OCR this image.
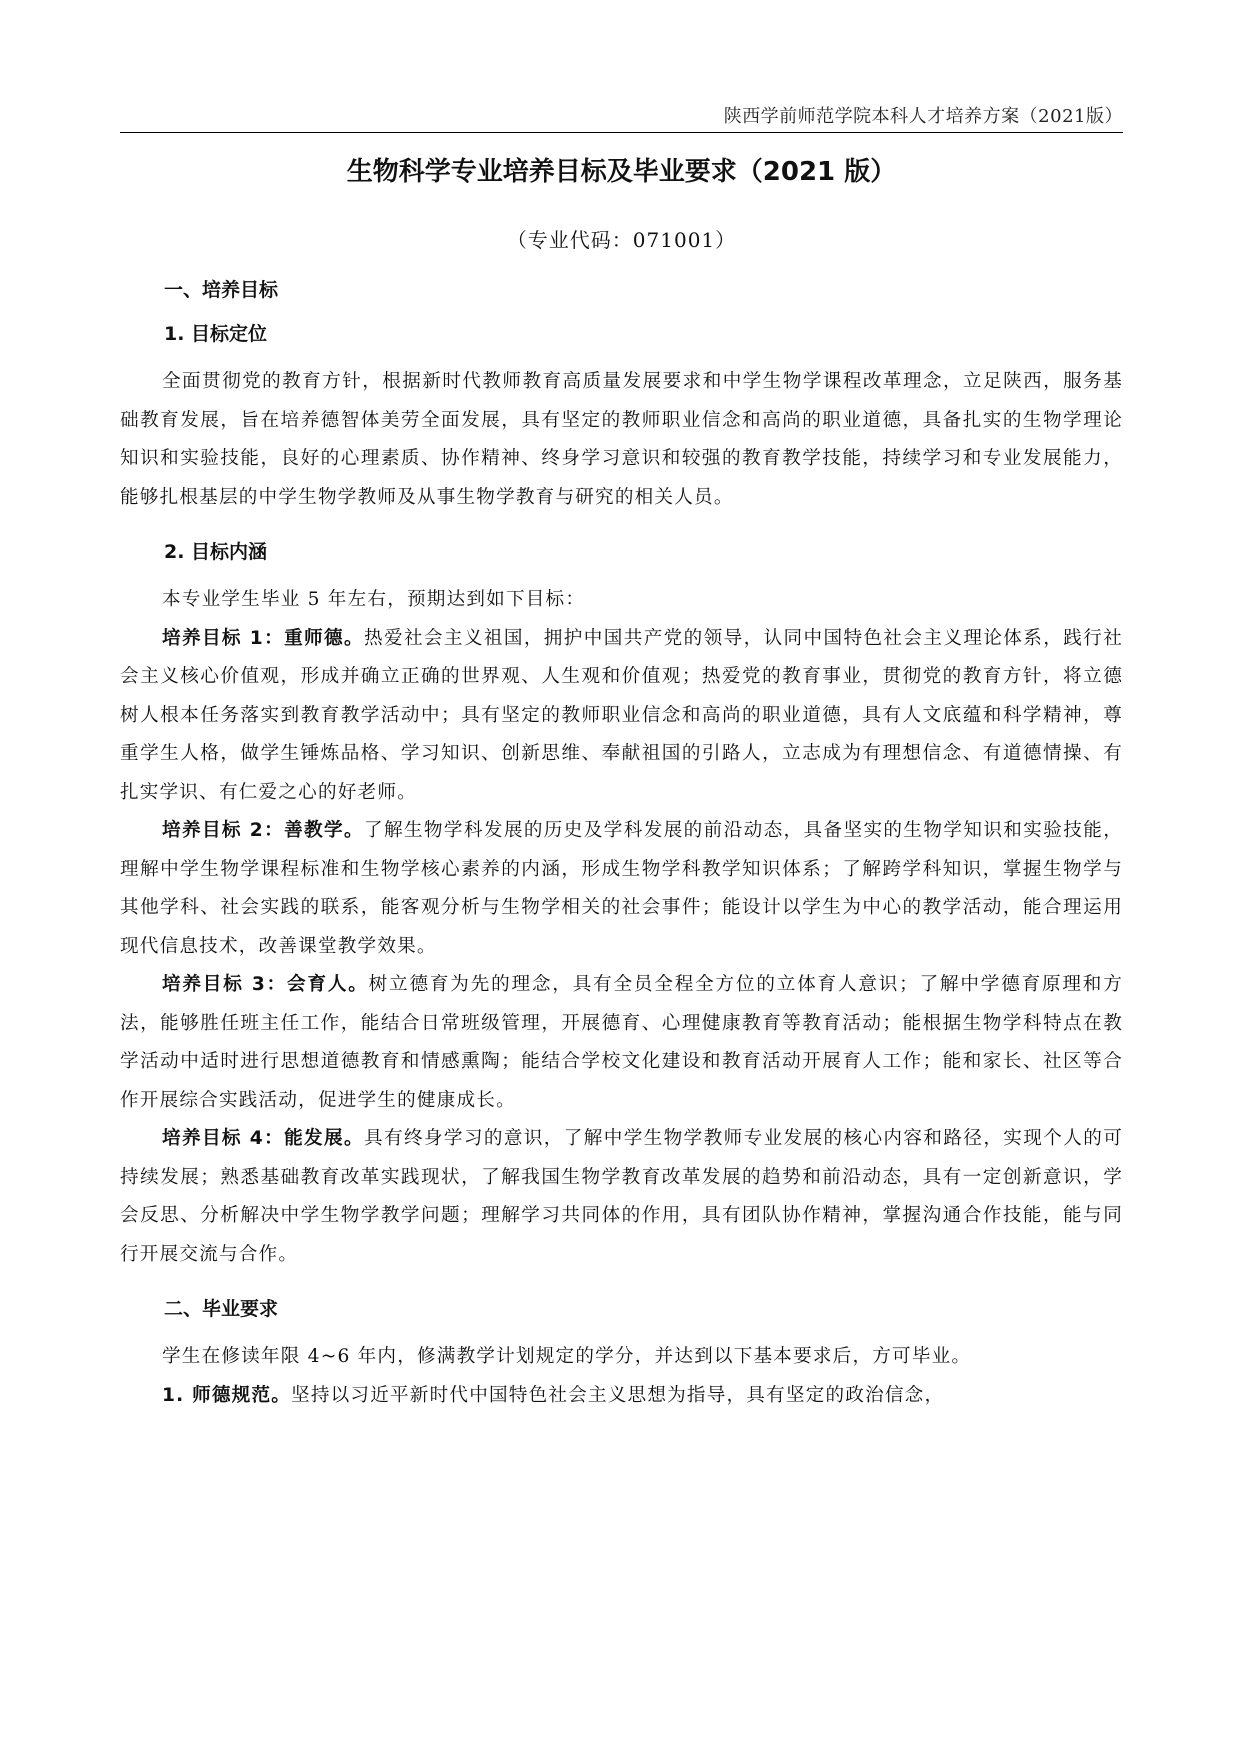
陕西学前师范学院本科人才培养方案（2021版）
生物科学专业培养目标及毕业要求（2021 版）
（专业代码：071001）
一、培养目标
1. 目标定位

全面贯彻党的教育方针，根据新时代教师教育高质量发展要求和中学生物学课程改革理念，立足陕西，服务基础教育发展，旨在培养德智体美劳全面发展，具有坚定的教师职业信念和高尚的职业道德，具备扎实的生物学理论知识和实验技能，良好的心理素质、协作精神、终身学习意识和较强的教育教学技能，持续学习和专业发展能力，能够扎根基层的中学生物学教师及从事生物学教育与研究的相关人员。

2. 目标内涵

本专业学生毕业 5 年左右，预期达到如下目标：

培养目标 1：重师德。热爱社会主义祖国，拥护中国共产党的领导，认同中国特色社会主义理论体系，践行社会主义核心价值观，形成并确立正确的世界观、人生观和价值观；热爱党的教育事业，贯彻党的教育方针，将立德树人根本任务落实到教育教学活动中；具有坚定的教师职业信念和高尚的职业道德，具有人文底蕴和科学精神，尊重学生人格，做学生锤炼品格、学习知识、创新思维、奉献祖国的引路人，立志成为有理想信念、有道德情操、有扎实学识、有仁爱之心的好老师。

培养目标 2：善教学。了解生物学科发展的历史及学科发展的前沿动态，具备坚实的生物学知识和实验技能，理解中学生物学课程标准和生物学核心素养的内涵，形成生物学科教学知识体系；了解跨学科知识，掌握生物学与其他学科、社会实践的联系，能客观分析与生物学相关的社会事件；能设计以学生为中心的教学活动，能合理运用现代信息技术，改善课堂教学效果。

培养目标 3：会育人。树立德育为先的理念，具有全员全程全方位的立体育人意识；了解中学德育原理和方法，能够胜任班主任工作，能结合日常班级管理，开展德育、心理健康教育等教育活动；能根据生物学科特点在教学活动中适时进行思想道德教育和情感熏陶；能结合学校文化建设和教育活动开展育人工作；能和家长、社区等合作开展综合实践活动，促进学生的健康成长。

培养目标 4：能发展。具有终身学习的意识，了解中学生物学教师专业发展的核心内容和路径，实现个人的可持续发展；熟悉基础教育改革实践现状，了解我国生物学教育改革发展的趋势和前沿动态，具有一定创新意识，学会反思、分析解决中学生物学教学问题；理解学习共同体的作用，具有团队协作精神，掌握沟通合作技能，能与同行开展交流与合作。

二、毕业要求

学生在修读年限 4~6 年内，修满教学计划规定的学分，并达到以下基本要求后，方可毕业。

1. 师德规范。坚持以习近平新时代中国特色社会主义思想为指导，具有坚定的政治信念，
